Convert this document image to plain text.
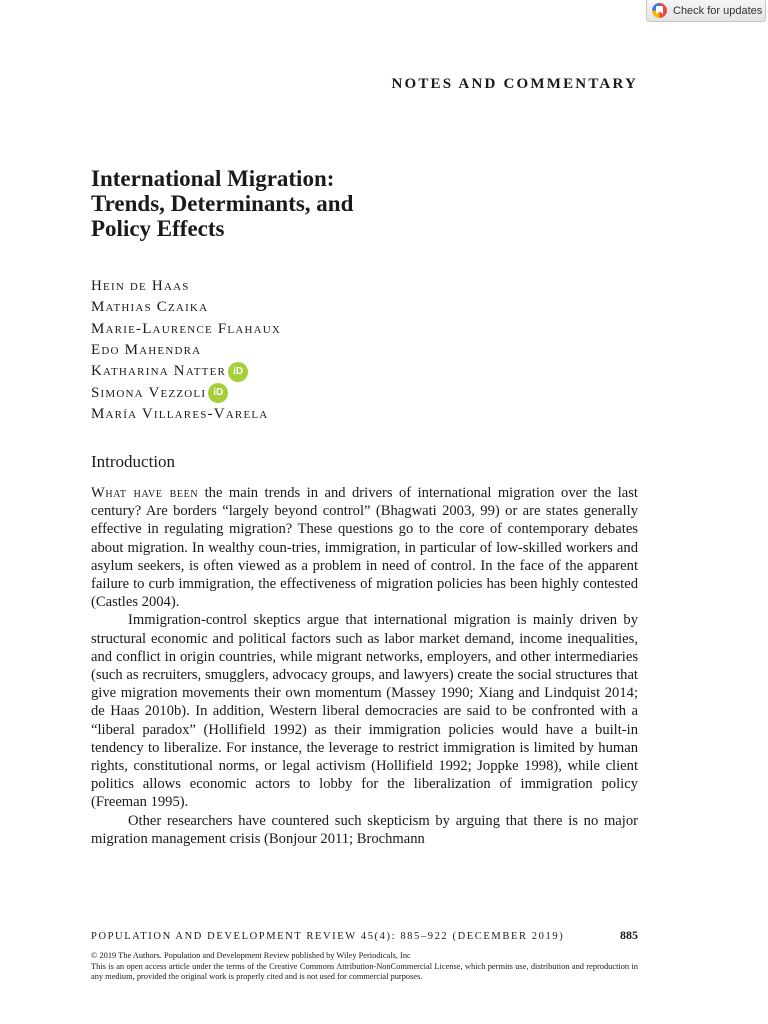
Check for updates
NOTES AND COMMENTARY
International Migration:
Trends, Determinants, and
Policy Effects
Hein de Haas
Mathias Czaika
Marie-Laurence Flahaux
Edo Mahendra
Katharina Natter iD
Simona Vezzoli iD
María Villares-Varela
Introduction

What have been the main trends in and drivers of international migration over the last century? Are borders “largely beyond control” (Bhagwati 2003, 99) or are states generally effective in regulating migration? These questions go to the core of contemporary debates about migration. In wealthy coun-tries, immigration, in particular of low-skilled workers and asylum seekers, is often viewed as a problem in need of control. In the face of the apparent failure to curb immigration, the effectiveness of migration policies has been highly contested (Castles 2004).

Immigration-control skeptics argue that international migration is mainly driven by structural economic and political factors such as labor market demand, income inequalities, and conflict in origin countries, while migrant networks, employers, and other intermediaries (such as recruiters, smugglers, advocacy groups, and lawyers) create the social structures that give migration movements their own momentum (Massey 1990; Xiang and Lindquist 2014; de Haas 2010b). In addition, Western liberal democracies are said to be confronted with a “liberal paradox” (Hollifield 1992) as their immigration policies would have a built-in tendency to liberalize. For instance, the leverage to restrict immigration is limited by human rights, constitutional norms, or legal activism (Hollifield 1992; Joppke 1998), while client politics allows economic actors to lobby for the liberalization of immigration policy (Freeman 1995).

Other researchers have countered such skepticism by arguing that there is no major migration management crisis (Bonjour 2011; Brochmann

POPULATION AND DEVELOPMENT REVIEW 45(4): 885–922 (DECEMBER 2019)	885

© 2019 The Authors. Population and Development Review published by Wiley Periodicals, Inc

This is an open access article under the terms of the Creative Commons Attribution-NonCommercial License, which permits use, distribution and reproduction in any medium, provided the original work is properly cited and is not used for commercial purposes.
